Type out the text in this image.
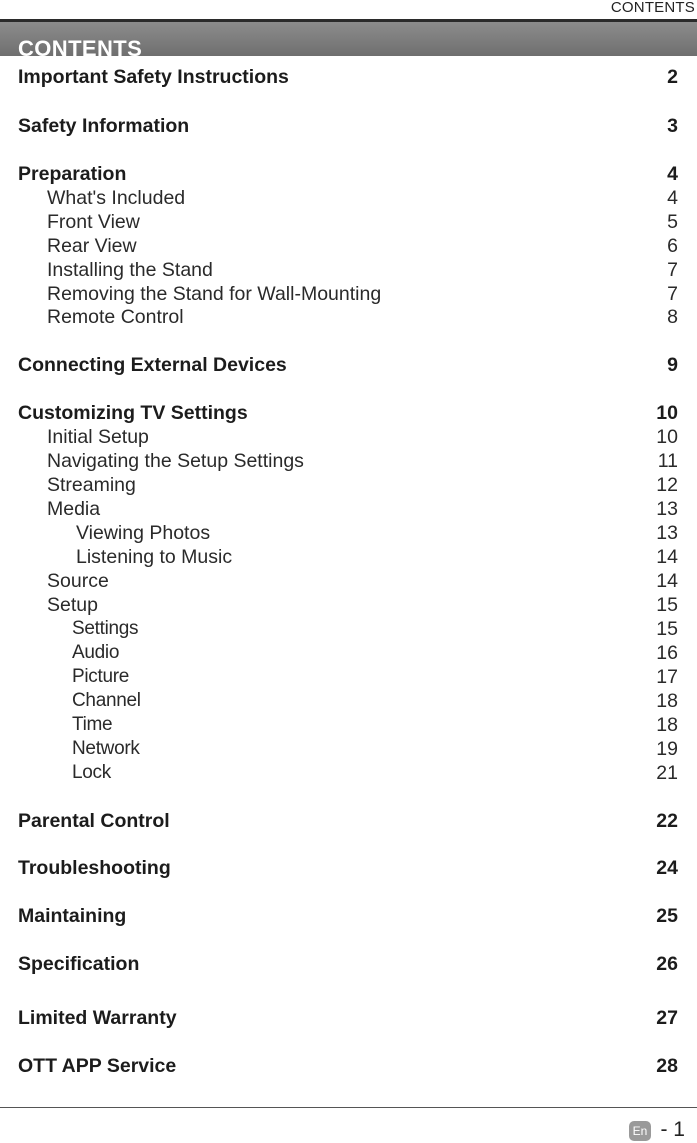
CONTENTS
CONTENTS
Important Safety Instructions	2
Safety Information	3
Preparation	4
What's Included	4
Front View	5
Rear View	6
Installing the Stand	7
Removing the Stand for Wall-Mounting	7
Remote Control	8
Connecting External Devices	9
Customizing TV Settings	10
Initial Setup	10
Navigating the Setup Settings	11
Streaming	12
Media	13
Viewing Photos	13
Listening to Music	14
Source	14
Setup	15
Settings	15
Audio	16
Picture	17
Channel	18
Time	18
Network	19
Lock	21
Parental Control	22
Troubleshooting	24
Maintaining	25
Specification	26
Limited Warranty	27
OTT APP Service	28
En - 1
